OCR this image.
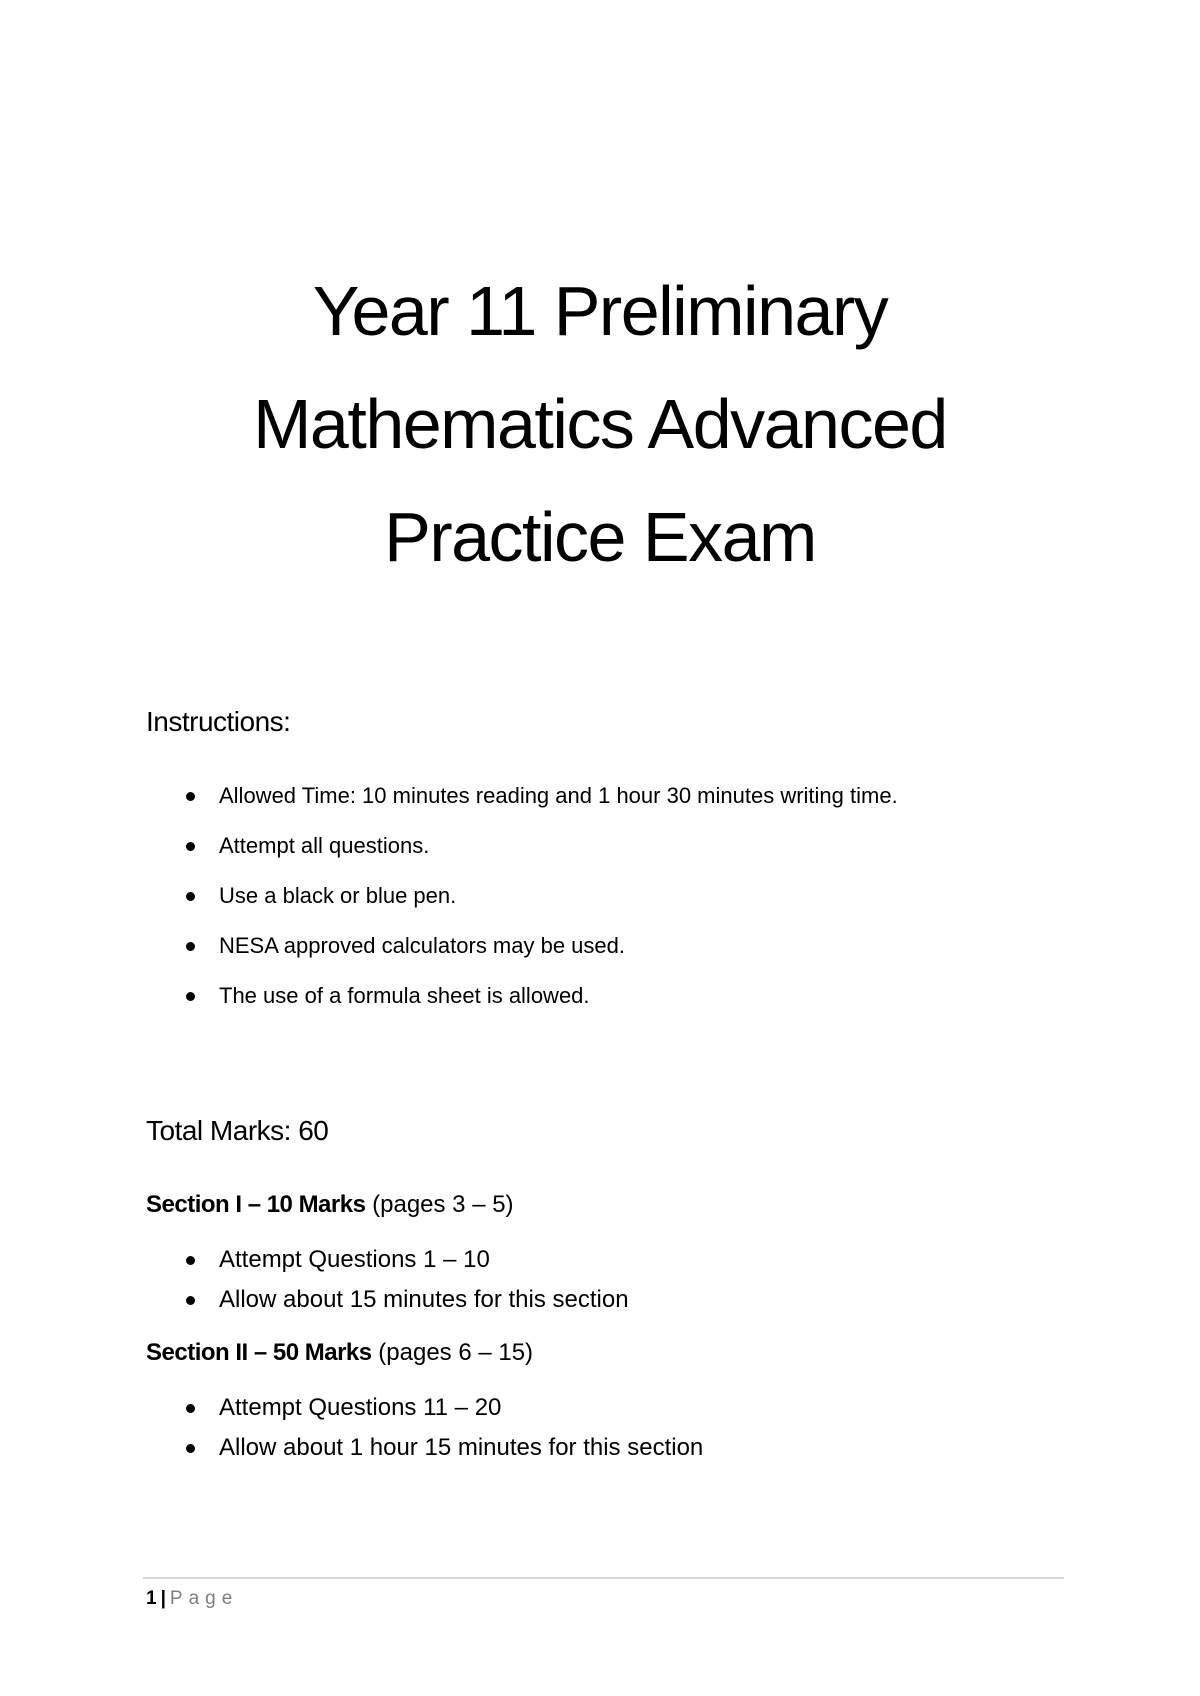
Year 11 Preliminary
Mathematics Advanced
Practice Exam
Instructions:
Allowed Time: 10 minutes reading and 1 hour 30 minutes writing time.
Attempt all questions.
Use a black or blue pen.
NESA approved calculators may be used.
The use of a formula sheet is allowed.
Total Marks: 60
Section I – 10 Marks (pages 3 – 5)
Attempt Questions 1 – 10
Allow about 15 minutes for this section
Section II – 50 Marks (pages 6 – 15)
Attempt Questions 11 – 20
Allow about 1 hour 15 minutes for this section
1 | Page
